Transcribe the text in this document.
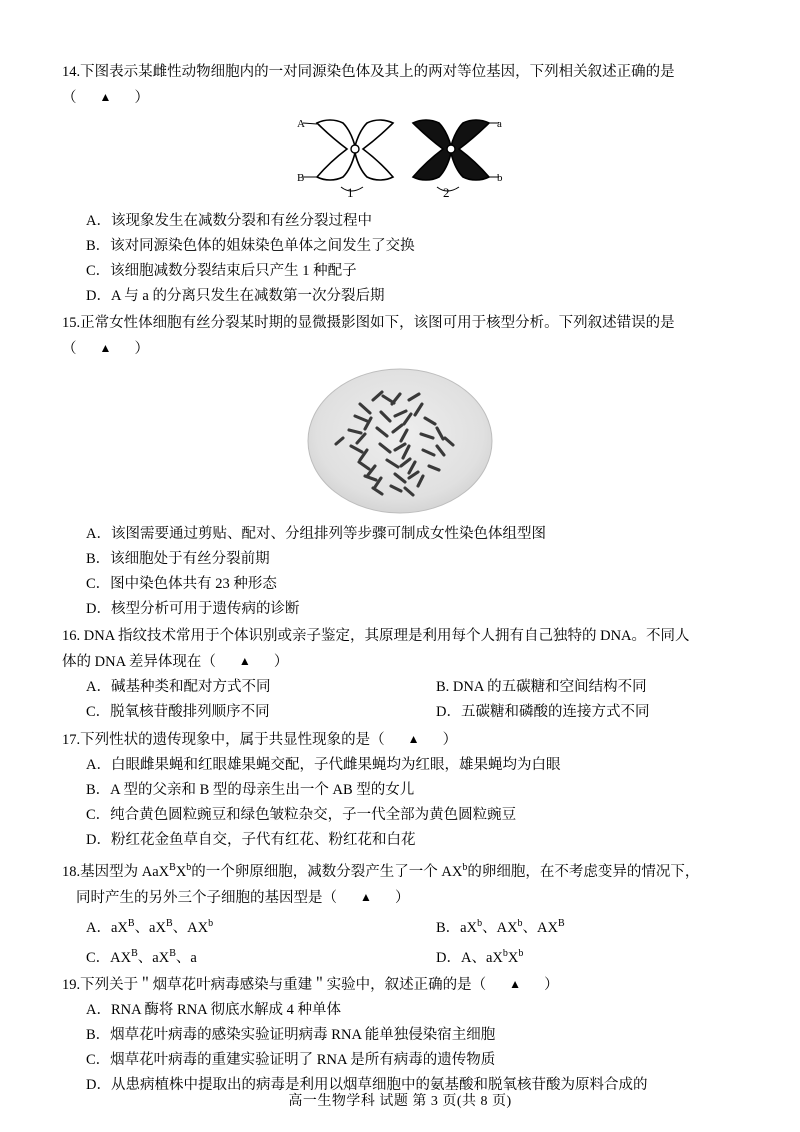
14.下图表示某雌性动物细胞内的一对同源染色体及其上的两对等位基因，下列相关叙述正确的是
（ ▲ ）
A	a
B	b
1	2
A．该现象发生在减数分裂和有丝分裂过程中
B．该对同源染色体的姐妹染色单体之间发生了交换
C．该细胞减数分裂结束后只产生 1 种配子
D．A 与 a 的分离只发生在减数第一次分裂后期
15.正常女性体细胞有丝分裂某时期的显微摄影图如下，该图可用于核型分析。下列叙述错误的是
（ ▲ ）
A．该图需要通过剪贴、配对、分组排列等步骤可制成女性染色体组型图
B．该细胞处于有丝分裂前期
C．图中染色体共有 23 种形态
D．核型分析可用于遗传病的诊断
16. DNA 指纹技术常用于个体识别或亲子鉴定，其原理是利用每个人拥有自己独特的 DNA。不同人
体的 DNA 差异体现在（ ▲ ）
A．碱基种类和配对方式不同	B. DNA 的五碳糖和空间结构不同
C．脱氧核苷酸排列顺序不同	D．五碳糖和磷酸的连接方式不同
17.下列性状的遗传现象中，属于共显性现象的是（ ▲ ）
A．白眼雌果蝇和红眼雄果蝇交配，子代雌果蝇均为红眼，雄果蝇均为白眼
B．A 型的父亲和 B 型的母亲生出一个 AB 型的女儿
C．纯合黄色圆粒豌豆和绿色皱粒杂交，子一代全部为黄色圆粒豌豆
D．粉红花金鱼草自交，子代有红花、粉红花和白花
18.基因型为 $AaX^BX^b$的一个卵原细胞，减数分裂产生了一个 $AX^b$的卵细胞，在不考虑变异的情况下，
同时产生的另外三个子细胞的基因型是（ ▲ ）
A．$aX^B$、$aX^B$、$AX^b$	B．$aX^b$、$AX^b$、$AX^B$
C．$AX^B$、$aX^B$、a	D．A、$aX^bX^b$
19.下列关于＂烟草花叶病毒感染与重建＂实验中，叙述正确的是（ ▲ ）
A．RNA 酶将 RNA 彻底水解成 4 种单体
B．烟草花叶病毒的感染实验证明病毒 RNA 能单独侵染宿主细胞
C．烟草花叶病毒的重建实验证明了 RNA 是所有病毒的遗传物质
D．从患病植株中提取出的病毒是利用以烟草细胞中的氨基酸和脱氧核苷酸为原料合成的
高一生物学科 试题 第 3 页(共 8 页)
